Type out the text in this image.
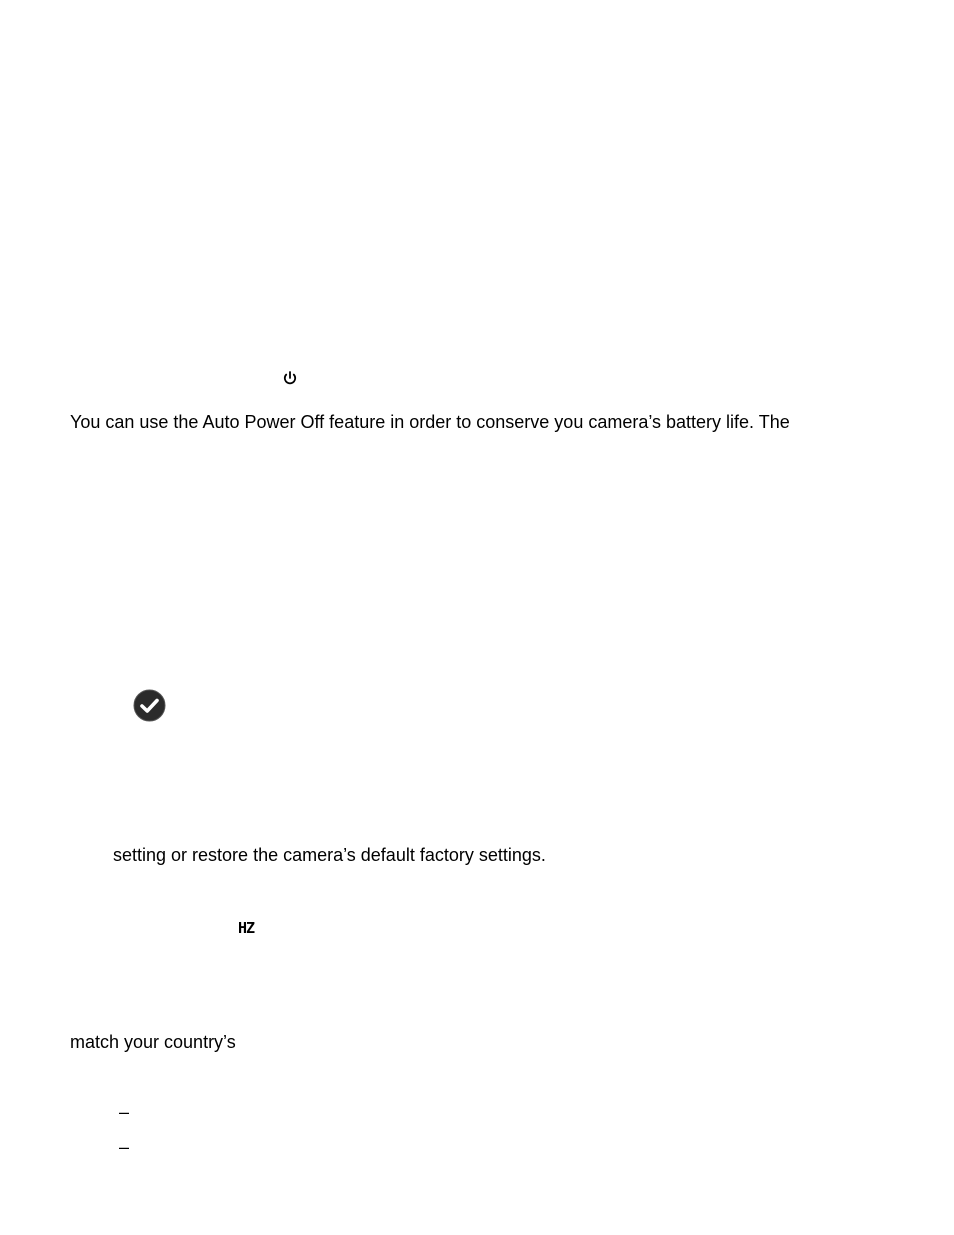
You can use the Auto Power Off feature in order to conserve you camera’s battery life. The
setting or restore the camera’s default factory settings.
HZ
match your country’s
–
–
